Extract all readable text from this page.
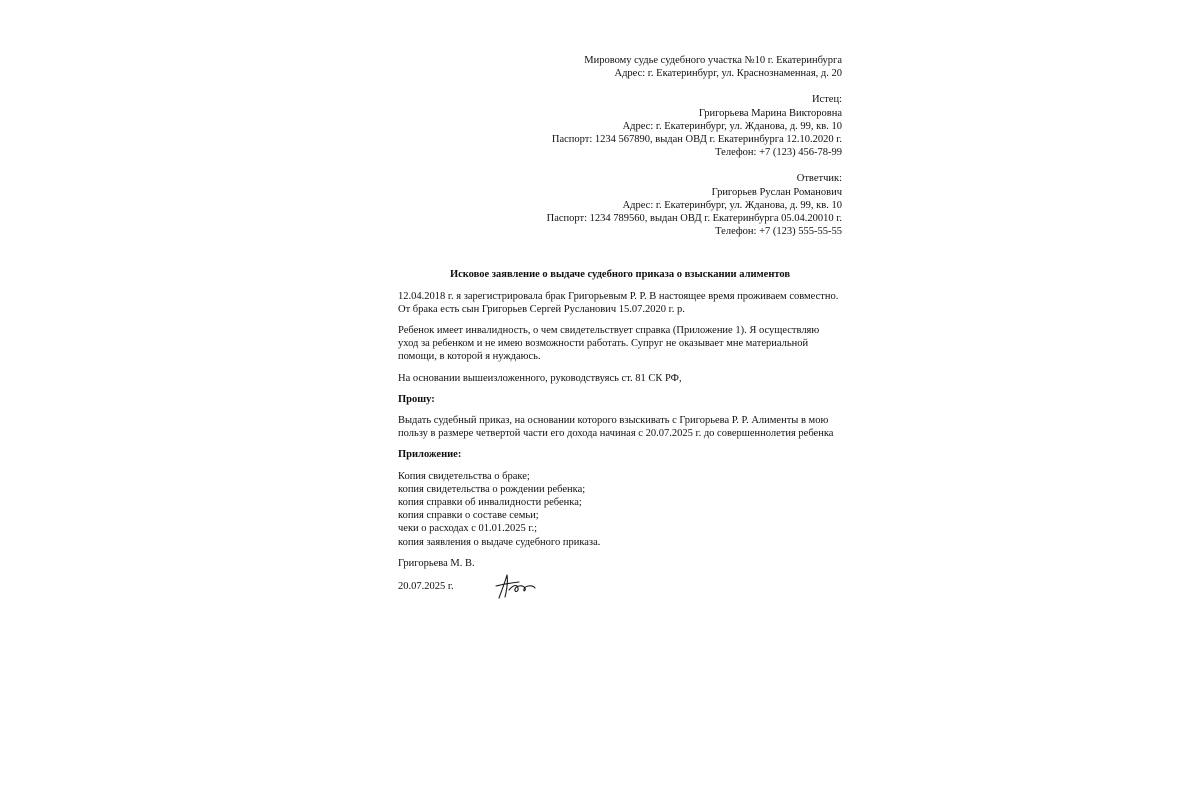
Мировому судье судебного участка №10 г. Екатеринбурга
Адрес: г. Екатеринбург, ул. Краснознаменная, д. 20
Истец:
Григорьева Марина Викторовна
Адрес: г. Екатеринбург, ул. Жданова, д. 99, кв. 10
Паспорт: 1234 567890, выдан ОВД г. Екатеринбурга 12.10.2020 г.
Телефон: +7 (123) 456-78-99
Ответчик:
Григорьев Руслан Романович
Адрес: г. Екатеринбург, ул. Жданова, д. 99, кв. 10
Паспорт: 1234 789560, выдан ОВД г. Екатеринбурга 05.04.20010 г.
Телефон: +7 (123) 555-55-55
Исковое заявление о выдаче судебного приказа о взыскании алиментов
12.04.2018 г. я зарегистрировала брак Григорьевым Р. Р. В настоящее время проживаем совместно. От брака есть сын Григорьев Сергей Русланович 15.07.2020 г. р.
Ребенок имеет инвалидность, о чем свидетельствует справка (Приложение 1). Я осуществляю уход за ребенком и не имею возможности работать. Супруг не оказывает мне материальной помощи, в которой я нуждаюсь.
На основании вышеизложенного, руководствуясь ст. 81 СК РФ,
Прошу:
Выдать судебный приказ, на основании которого взыскивать с Григорьева Р. Р. Алименты в мою пользу в размере четвертой части его дохода начиная с 20.07.2025 г. до совершеннолетия ребенка
Приложение:
Копия свидетельства о браке;
копия свидетельства о рождении ребенка;
копия справки об инвалидности ребенка;
копия справки о составе семьи;
чеки о расходах с 01.01.2025 г.;
копия заявления о выдаче судебного приказа.
Григорьева М. В.
20.07.2025 г.
